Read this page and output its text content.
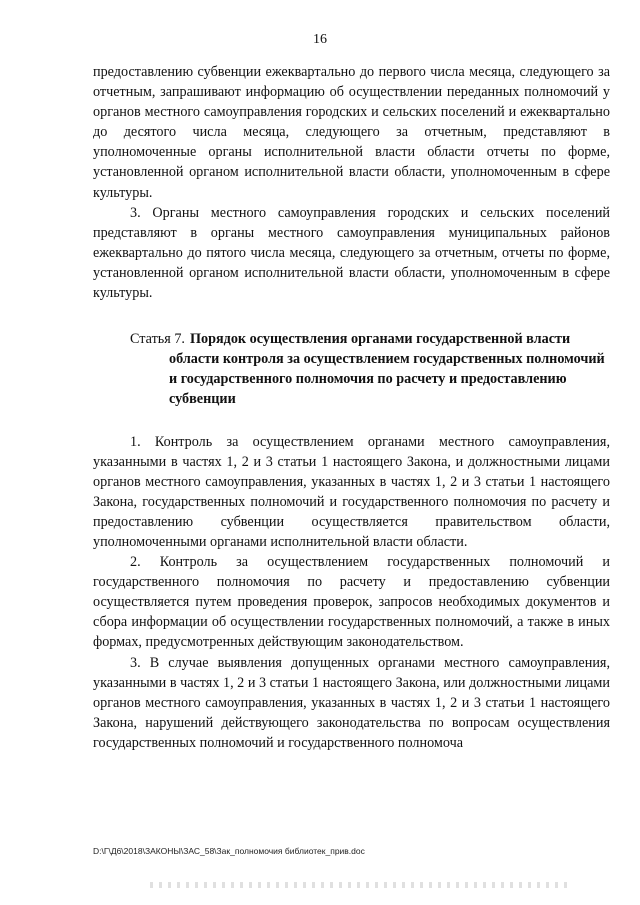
16

предоставлению субвенции ежеквартально до первого числа месяца, следующего за отчетным, запрашивают информацию об осуществлении переданных полномочий у органов местного самоуправления городских и сельских поселений и ежеквартально до десятого числа месяца, следующего за отчетным, представляют в уполномоченные органы исполнительной власти области отчеты по форме, установленной органом исполнительной власти области, уполномоченным в сфере культуры.

3. Органы местного самоуправления городских и сельских поселений представляют в органы местного самоуправления муниципальных районов ежеквартально до пятого числа месяца, следующего за отчетным, отчеты по форме, установленной органом исполнительной власти области, уполномоченным в сфере культуры.

Статья 7. Порядок осуществления органами государственной власти
области контроля за осуществлением государственных полномочий и государственного полномочия по расчету и предоставлению субвенции

1. Контроль за осуществлением органами местного самоуправления, указанными в частях 1, 2 и 3 статьи 1 настоящего Закона, и должностными лицами органов местного самоуправления, указанных в частях 1, 2 и 3 статьи 1 настоящего Закона, государственных полномочий и государственного полномочия по расчету и предоставлению субвенции осуществляется правительством области, уполномоченными органами исполнительной власти области.

2. Контроль за осуществлением государственных полномочий и государственного полномочия по расчету и предоставлению субвенции осуществляется путем проведения проверок, запросов необходимых документов и сбора информации об осуществлении государственных полномочий, а также в иных формах, предусмотренных действующим законодательством.

3. В случае выявления допущенных органами местного самоуправления, указанными в частях 1, 2 и 3 статьи 1 настоящего Закона, или должностными лицами органов местного самоуправления, указанных в частях 1, 2 и 3 статьи 1 настоящего Закона, нарушений действующего законодательства по вопросам осуществления государственных полномочий и государственного полномоча

D:\Г\Д6\2018\ЗАКОНЫ\ЗАС_58\Зак_полномочия библиотек_прив.doc
